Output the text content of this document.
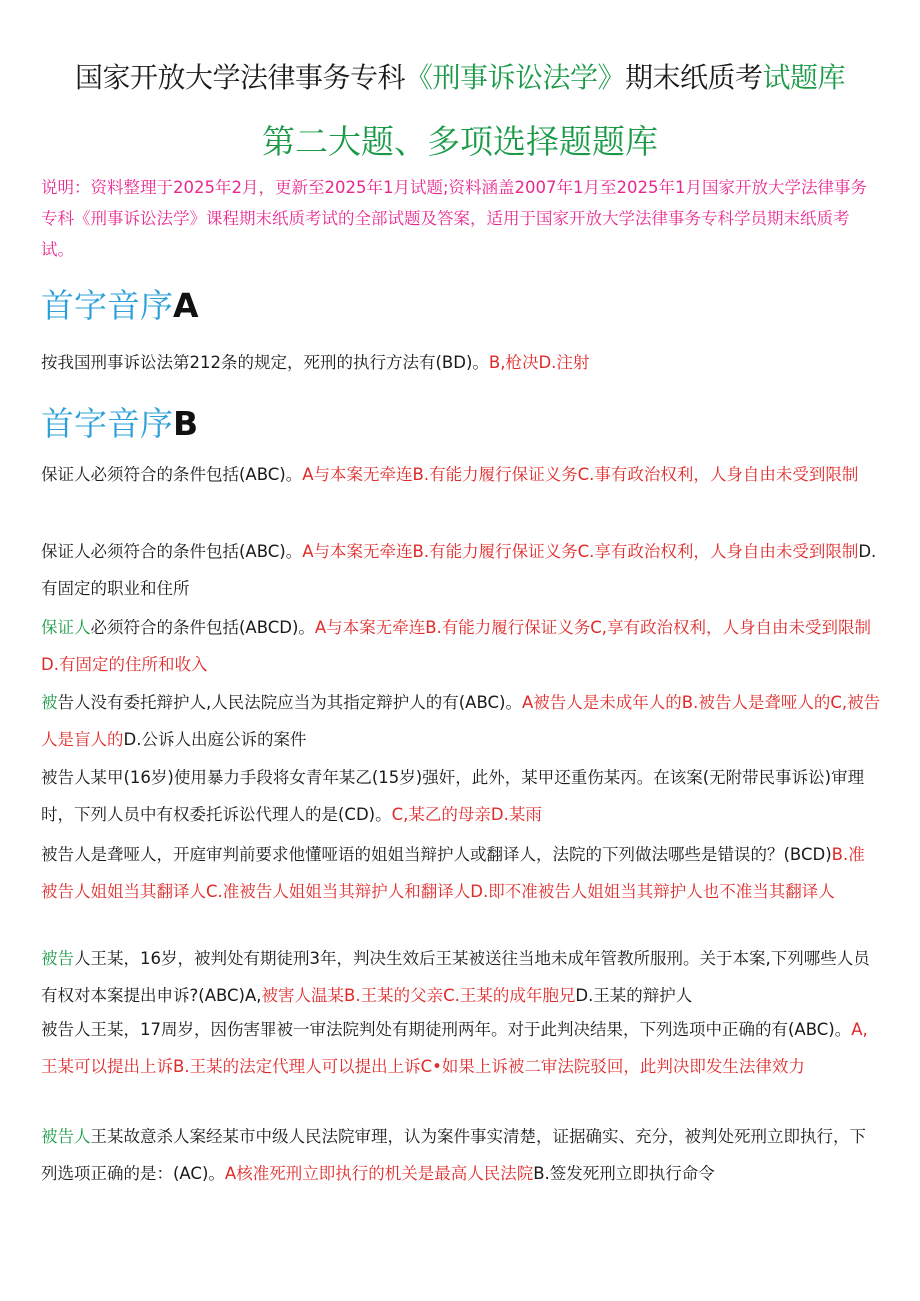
国家开放大学法律事务专科《刑事诉讼法学》期末纸质考试题库
第二大题、多项选择题题库
说明：资料整理于2025年2月，更新至2025年1月试题;资料涵盖2007年1月至2025年1月国家开放大学法律事务专科《刑事诉讼法学》课程期末纸质考试的全部试题及答案，适用于国家开放大学法律事务专科学员期末纸质考试。
首字音序A
按我国刑事诉讼法第212条的规定，死刑的执行方法有(BD)。B,枪决D.注射
首字音序B
保证人必须符合的条件包括(ABC)。A与本案无牵连B.有能力履行保证义务C.事有政治权利，人身自由未受到限制
保证人必须符合的条件包括(ABC)。A与本案无牵连B.有能力履行保证义务C.享有政治权利，人身自由未受到限制D.有固定的职业和住所
保证人必须符合的条件包括(ABCD)。A与本案无牵连B.有能力履行保证义务C,享有政治权利，人身自由未受到限制D.有固定的住所和收入
被告人没有委托辩护人,人民法院应当为其指定辩护人的有(ABC)。A被告人是未成年人的B.被告人是聋哑人的C,被告人是盲人的D.公诉人出庭公诉的案件
被告人某甲(16岁)使用暴力手段将女青年某乙(15岁)强奸，此外，某甲还重伤某丙。在该案(无附带民事诉讼)审理时，下列人员中有权委托诉讼代理人的是(CD)。C,某乙的母亲D.某雨
被告人是聋哑人，开庭审判前要求他懂哑语的姐姐当辩护人或翻译人，法院的下列做法哪些是错误的？(BCD)B.准被告人姐姐当其翻译人C.准被告人姐姐当其辩护人和翻译人D.即不准被告人姐姐当其辩护人也不准当其翻译人
被告人王某，16岁，被判处有期徒刑3年，判决生效后王某被送往当地未成年管教所服刑。关于本案,下列哪些人员有权对本案提出申诉?(ABC)A,被害人温某B.王某的父亲C.王某的成年胞兄D.王某的辩护人
被告人王某，17周岁，因伤害罪被一审法院判处有期徒刑两年。对于此判决结果，下列选项中正确的有(ABC)。A,王某可以提出上诉B.王某的法定代理人可以提出上诉C•如果上诉被二审法院驳回，此判决即发生法律效力
被告人王某故意杀人案经某市中级人民法院审理，认为案件事实清楚，证据确实、充分，被判处死刑立即执行，下列选项正确的是：(AC)。A核准死刑立即执行的机关是最高人民法院B.签发死刑立即执行命令
